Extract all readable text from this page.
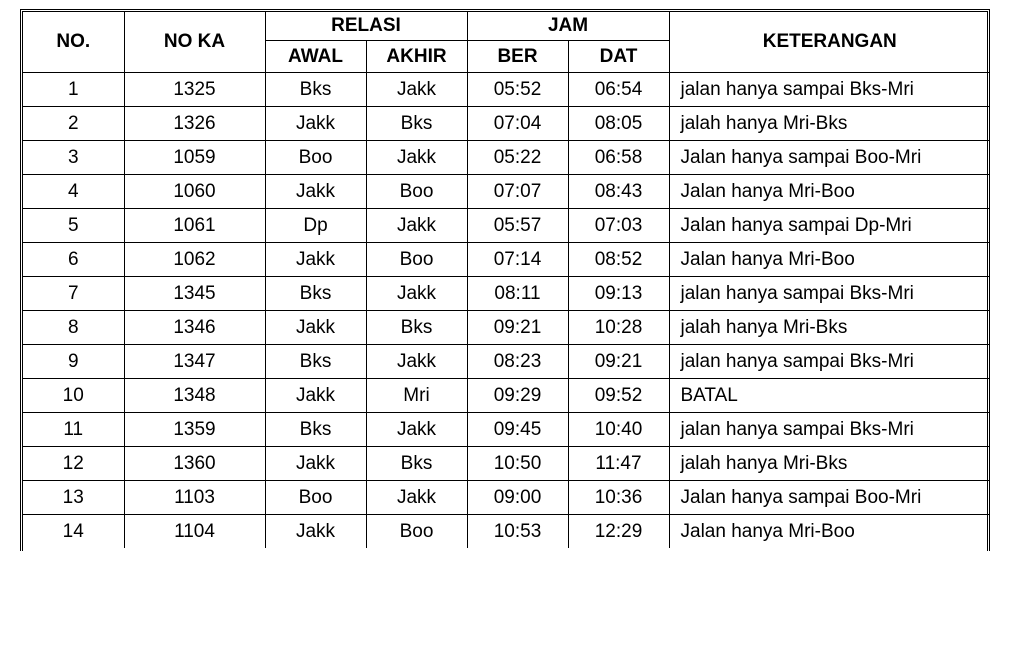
NO.	NO KA	RELASI		JAM		KETERANGAN
		AWAL	AKHIR	BER	DAT	
1	1325	Bks	Jakk	05:52	06:54	jalan hanya sampai Bks-Mri
2	1326	Jakk	Bks	07:04	08:05	jalah hanya Mri-Bks
3	1059	Boo	Jakk	05:22	06:58	Jalan hanya sampai Boo-Mri
4	1060	Jakk	Boo	07:07	08:43	Jalan hanya Mri-Boo
5	1061	Dp	Jakk	05:57	07:03	Jalan hanya sampai Dp-Mri
6	1062	Jakk	Boo	07:14	08:52	Jalan hanya Mri-Boo
7	1345	Bks	Jakk	08:11	09:13	jalan hanya sampai Bks-Mri
8	1346	Jakk	Bks	09:21	10:28	jalah hanya Mri-Bks
9	1347	Bks	Jakk	08:23	09:21	jalan hanya sampai Bks-Mri
10	1348	Jakk	Mri	09:29	09:52	BATAL
11	1359	Bks	Jakk	09:45	10:40	jalan hanya sampai Bks-Mri
12	1360	Jakk	Bks	10:50	11:47	jalah hanya Mri-Bks
13	1103	Boo	Jakk	09:00	10:36	Jalan hanya sampai Boo-Mri
14	1104	Jakk	Boo	10:53	12:29	Jalan hanya Mri-Boo
